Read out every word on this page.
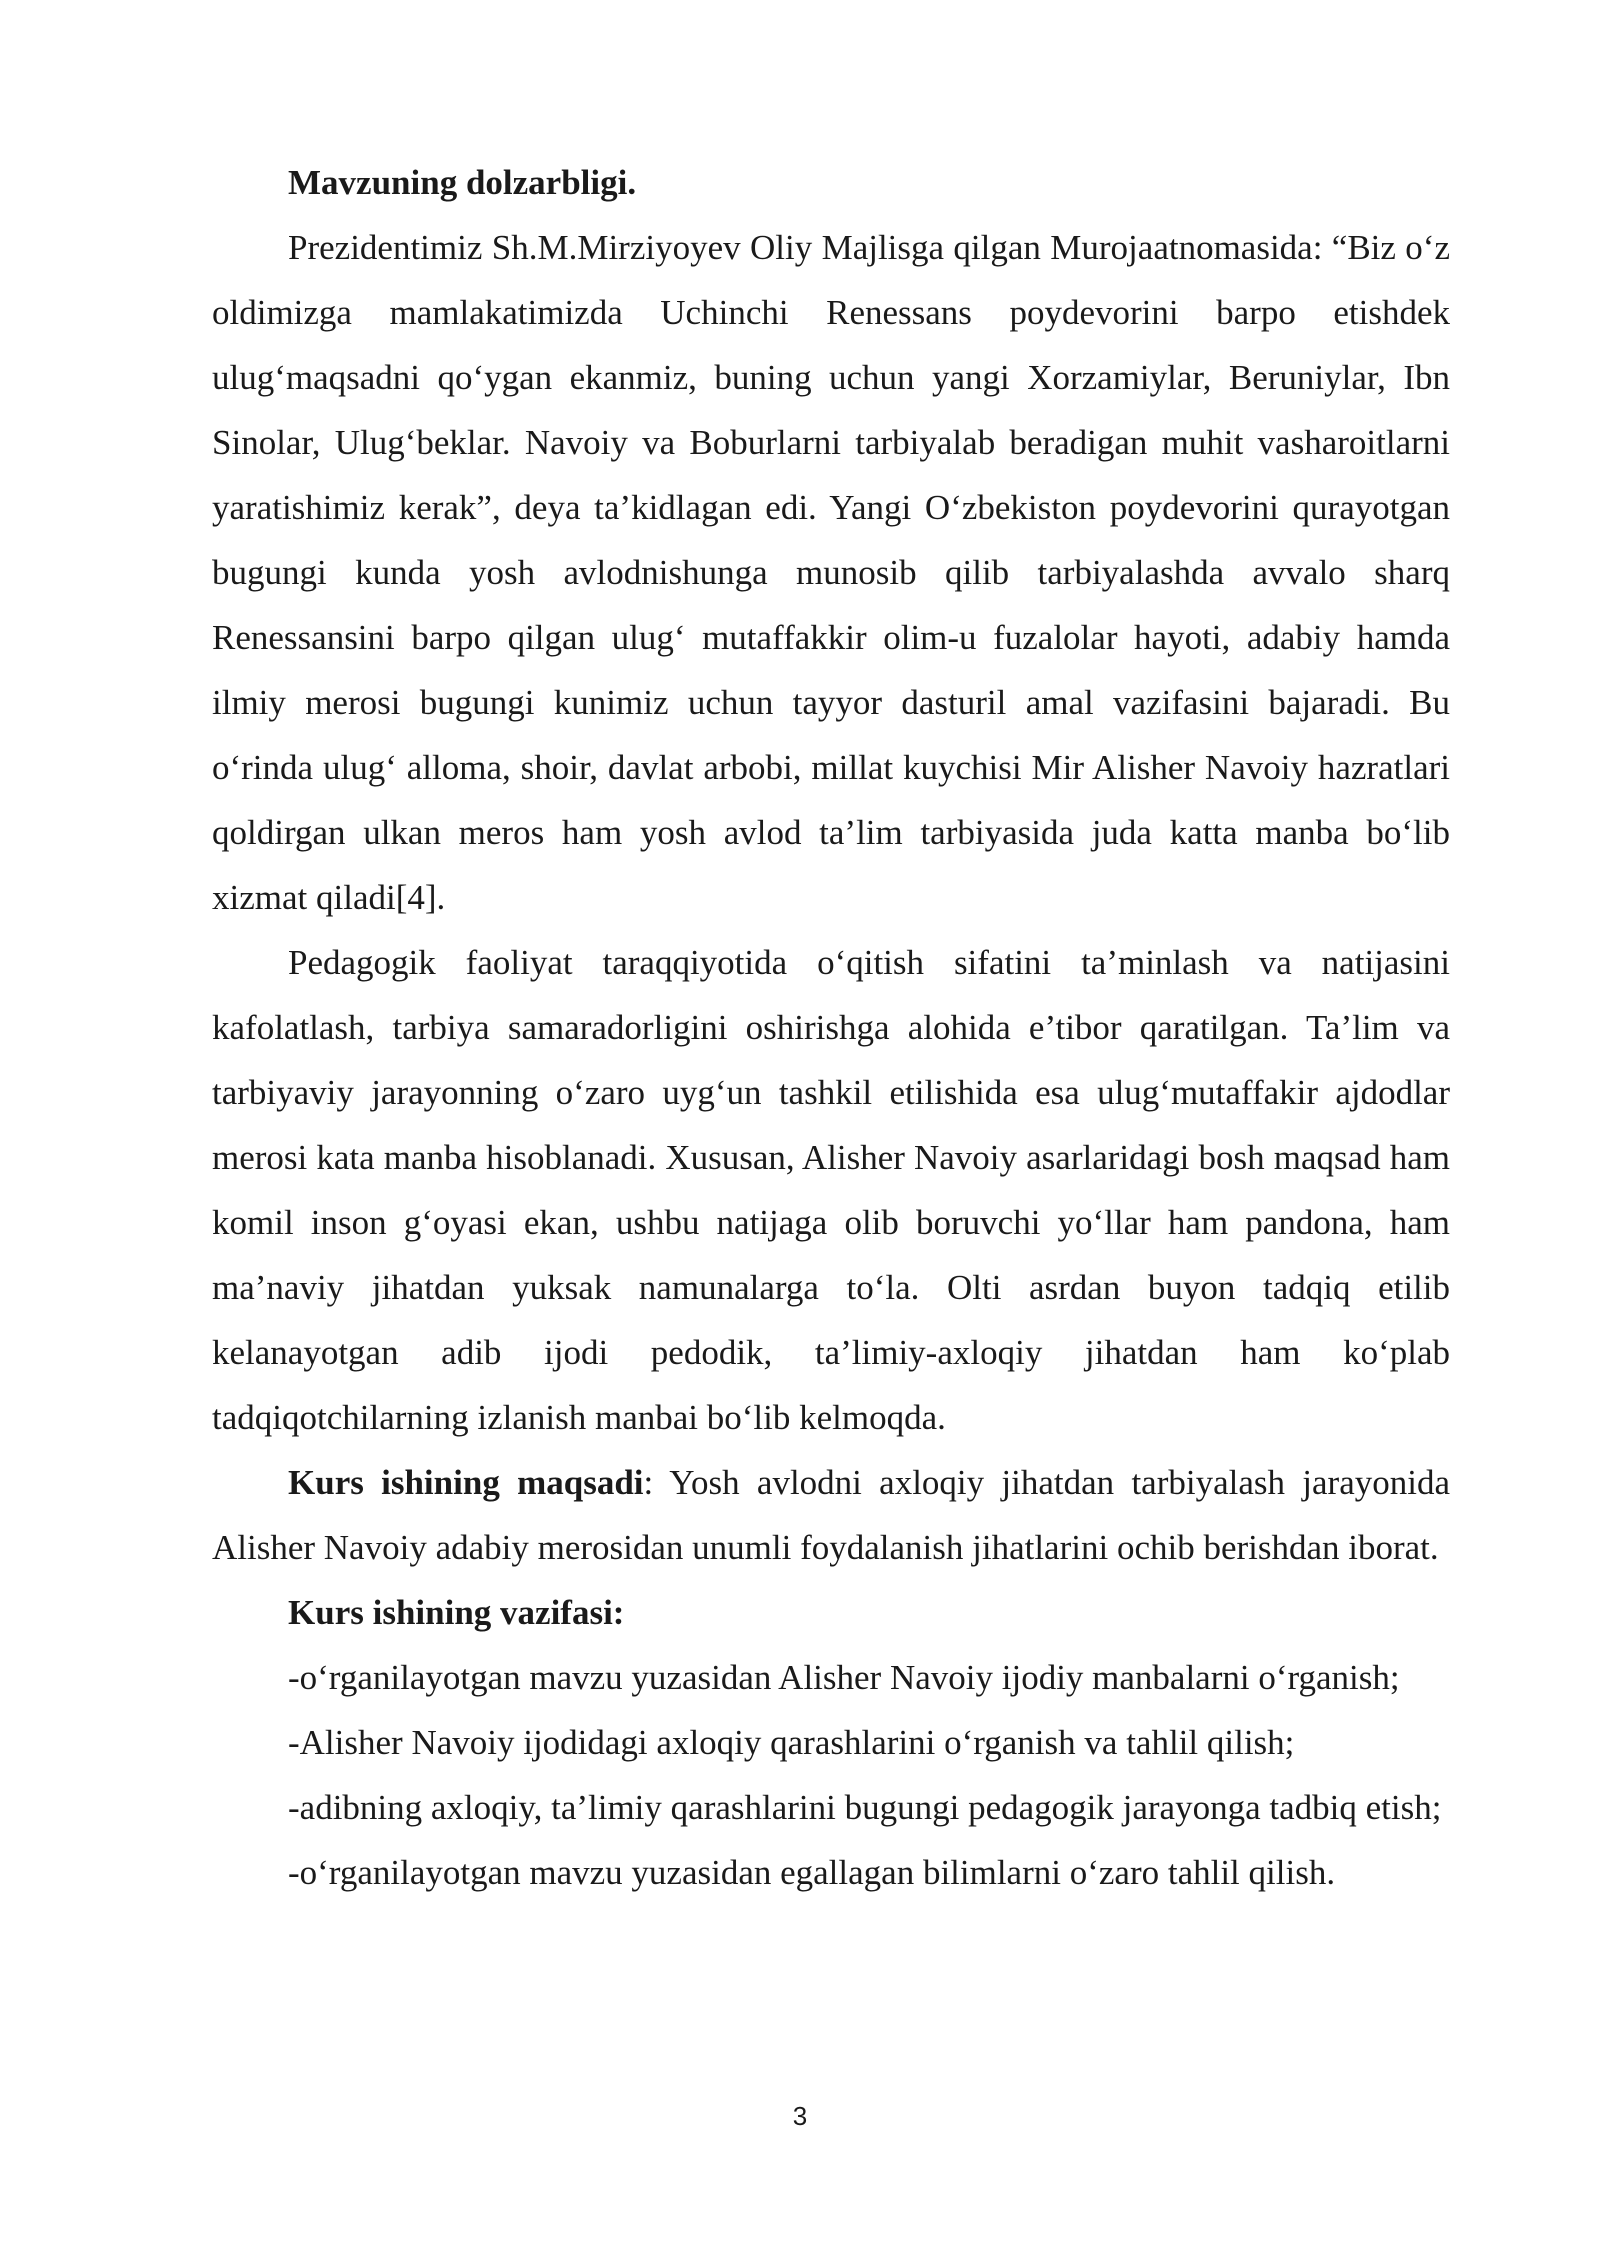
Mavzuning dolzarbligi.

Prezidentimiz Sh.M.Mirziyoyev Oliy Majlisga qilgan Murojaatnomasida: “Biz o‘z oldimizga mamlakatimizda Uchinchi Renessans poydevorini barpo etishdek ulug‘maqsadni qo‘ygan ekanmiz, buning uchun yangi Xorzamiylar, Beruniylar, Ibn Sinolar, Ulug‘beklar. Navoiy va Boburlarni tarbiyalab beradigan muhit vasharoitlarni yaratishimiz kerak”, deya ta’kidlagan edi. Yangi O‘zbekiston poydevorini qurayotgan bugungi kunda yosh avlodnishunga munosib qilib tarbiyalashda avvalo sharq Renessansini barpo qilgan ulug‘ mutaffakkir olim-u fuzalolar hayoti, adabiy hamda ilmiy merosi bugungi kunimiz uchun tayyor dasturil amal vazifasini bajaradi. Bu o‘rinda ulug‘ alloma, shoir, davlat arbobi, millat kuychisi Mir Alisher Navoiy hazratlari qoldirgan ulkan meros ham yosh avlod ta’lim tarbiyasida juda katta manba bo‘lib xizmat qiladi[4].

Pedagogik faoliyat taraqqiyotida o‘qitish sifatini ta’minlash va natijasini kafolatlash, tarbiya samaradorligini oshirishga alohida e’tibor qaratilgan. Ta’lim va tarbiyaviy jarayonning o‘zaro uyg‘un tashkil etilishida esa ulug‘mutaffakir ajdodlar merosi kata manba hisoblanadi. Xususan, Alisher Navoiy asarlaridagi bosh maqsad ham komil inson g‘oyasi ekan, ushbu natijaga olib boruvchi yo‘llar ham pandona, ham ma’naviy jihatdan yuksak namunalarga to‘la. Olti asrdan buyon tadqiq etilib kelanayotgan adib ijodi pedodik, ta’limiy-axloqiy jihatdan ham ko‘plab tadqiqotchilarning izlanish manbai bo‘lib kelmoqda.

Kurs ishining maqsadi: Yosh avlodni axloqiy jihatdan tarbiyalash jarayonida Alisher Navoiy adabiy merosidan unumli foydalanish jihatlarini ochib berishdan iborat.

Kurs ishining vazifasi:

-o‘rganilayotgan mavzu yuzasidan Alisher Navoiy ijodiy manbalarni o‘rganish;

-Alisher Navoiy ijodidagi axloqiy qarashlarini o‘rganish va tahlil qilish;

-adibning axloqiy, ta’limiy qarashlarini bugungi pedagogik jarayonga tadbiq etish;

-o‘rganilayotgan mavzu yuzasidan egallagan bilimlarni o‘zaro tahlil qilish.

3
